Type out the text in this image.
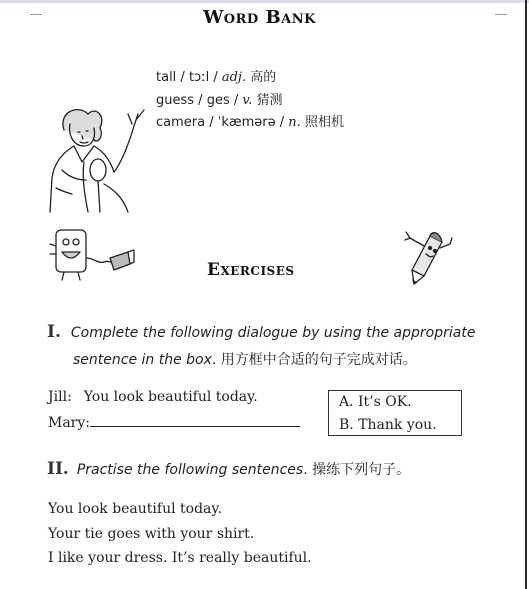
Word Bank
tall / tɔːl / adj. 高的
guess / ges / v. 猜测
camera / ˈkæmərə / n. 照相机
Exercises
I. Complete the following dialogue by using the appropriate
sentence in the box. 用方框中合适的句子完成对话。
Jill: You look beautiful today.
Mary:
A. It’s OK.
B. Thank you.
II. Practise the following sentences. 操练下列句子。
You look beautiful today.
Your tie goes with your shirt.
I like your dress. It’s really beautiful.
